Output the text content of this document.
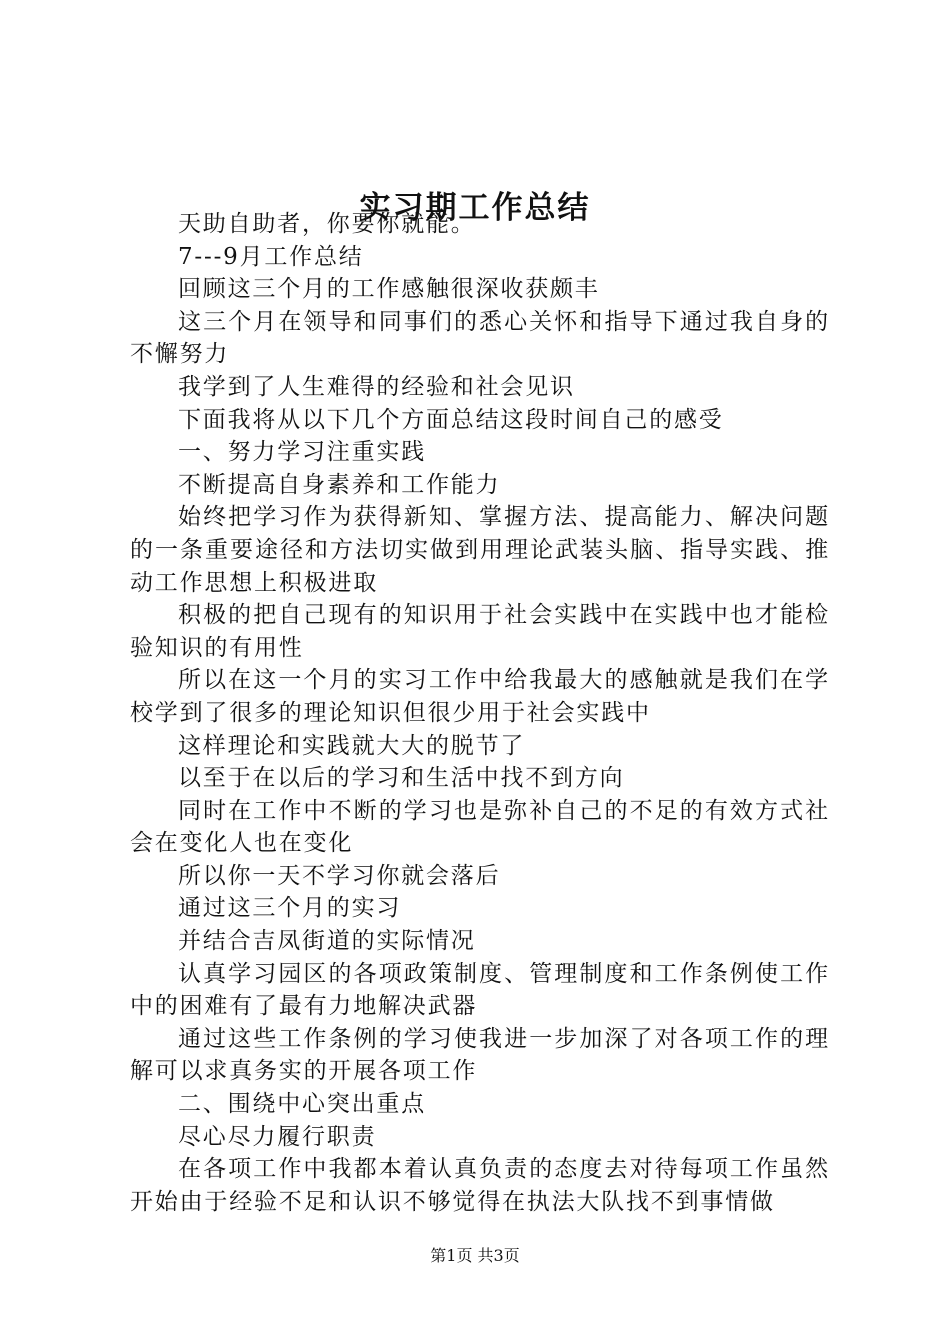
实习期工作总结

天助自助者，你要你就能。

7---9月工作总结

回顾这三个月的工作感触很深收获颇丰

这三个月在领导和同事们的悉心关怀和指导下通过我自身的不懈努力

我学到了人生难得的经验和社会见识

下面我将从以下几个方面总结这段时间自己的感受

一、努力学习注重实践

不断提高自身素养和工作能力

始终把学习作为获得新知、掌握方法、提高能力、解决问题的一条重要途径和方法切实做到用理论武装头脑、指导实践、推动工作思想上积极进取

积极的把自己现有的知识用于社会实践中在实践中也才能检验知识的有用性

所以在这一个月的实习工作中给我最大的感触就是我们在学校学到了很多的理论知识但很少用于社会实践中

这样理论和实践就大大的脱节了

以至于在以后的学习和生活中找不到方向

同时在工作中不断的学习也是弥补自己的不足的有效方式社会在变化人也在变化

所以你一天不学习你就会落后

通过这三个月的实习

并结合吉凤街道的实际情况

认真学习园区的各项政策制度、管理制度和工作条例使工作中的困难有了最有力地解决武器

通过这些工作条例的学习使我进一步加深了对各项工作的理解可以求真务实的开展各项工作

二、围绕中心突出重点

尽心尽力履行职责

在各项工作中我都本着认真负责的态度去对待每项工作虽然开始由于经验不足和认识不够觉得在执法大队找不到事情做

第1页 共3页
